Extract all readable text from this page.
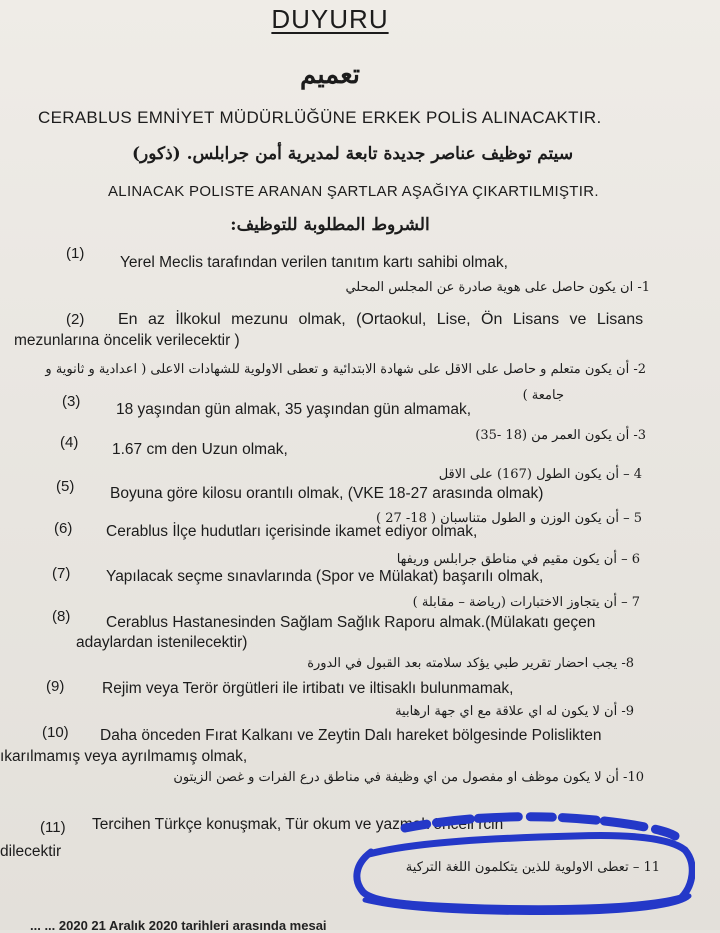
DUYURU
تعميم
CERABLUS EMNİYET MÜDÜRLÜĞÜNE ERKEK POLİS ALINACAKTIR.
سيتم توظيف عناصر جديدة تابعة لمديرية أمن جرابلس. (ذكور)
ALINACAK POLISTE ARANAN ŞARTLAR AŞAĞIYA ÇIKARTILMIŞTIR.
الشروط المطلوبة للتوظيف:
(1)
Yerel Meclis tarafından verilen tanıtım kartı sahibi olmak,
1- ان يكون حاصل على هوية صادرة عن المجلس المحلي
(2) En az İlkokul mezunu olmak, (Ortaokul, Lise, Ön Lisans ve Lisans
mezunlarına öncelik verilecektir )
2- أن يكون متعلم و حاصل على الاقل على شهادة الابتدائية و تعطى الاولوية للشهادات الاعلى ( اعدادية و ثانوية و
جامعة )
(3) 18 yaşından gün almak, 35 yaşından gün almamak,
3- أن يكون العمر من (18 -35)
(4) 1.67 cm den Uzun olmak,
4 – أن يكون الطول (167) على الاقل
(5) Boyuna göre kilosu orantılı olmak, (VKE 18-27 arasında olmak)
5 – أن يكون الوزن و الطول متناسبان ( 18- 27 )
(6) Cerablus İlçe hudutları içerisinde ikamet ediyor olmak,
6 – أن يكون مقيم في مناطق جرابلس وريفها
(7) Yapılacak seçme sınavlarında (Spor ve Mülakat) başarılı olmak,
7 – أن يتجاوز الاختبارات (رياضة – مقابلة )
(8) Cerablus Hastanesinden Sağlam Sağlık Raporu almak.(Mülakatı geçen
adaylardan istenilecektir)
8- يجب احضار تقرير طبي يؤكد سلامته بعد القبول في الدورة
(9) Rejim veya Terör örgütleri ile irtibatı ve iltisaklı bulunmamak,
9- أن لا يكون له اي علاقة مع اي جهة ارهابية
(10) Daha önceden Fırat Kalkanı ve Zeytin Dalı hareket bölgesinde Polislikten
ıkarılmamış veya ayrılmamış olmak,
10- أن لا يكون موظف او مفصول من اي وظيفة في مناطق درع الفرات و غصن الزيتون
(11) Tercihen Türkçe konuşmak, Tür okum ve yazmak önceli rcih
dilecektir
11 – تعطى الاولوية للذين يتكلمون اللغة التركية
... ... 2020 21 Aralık 2020 tarihleri arasında mesai
